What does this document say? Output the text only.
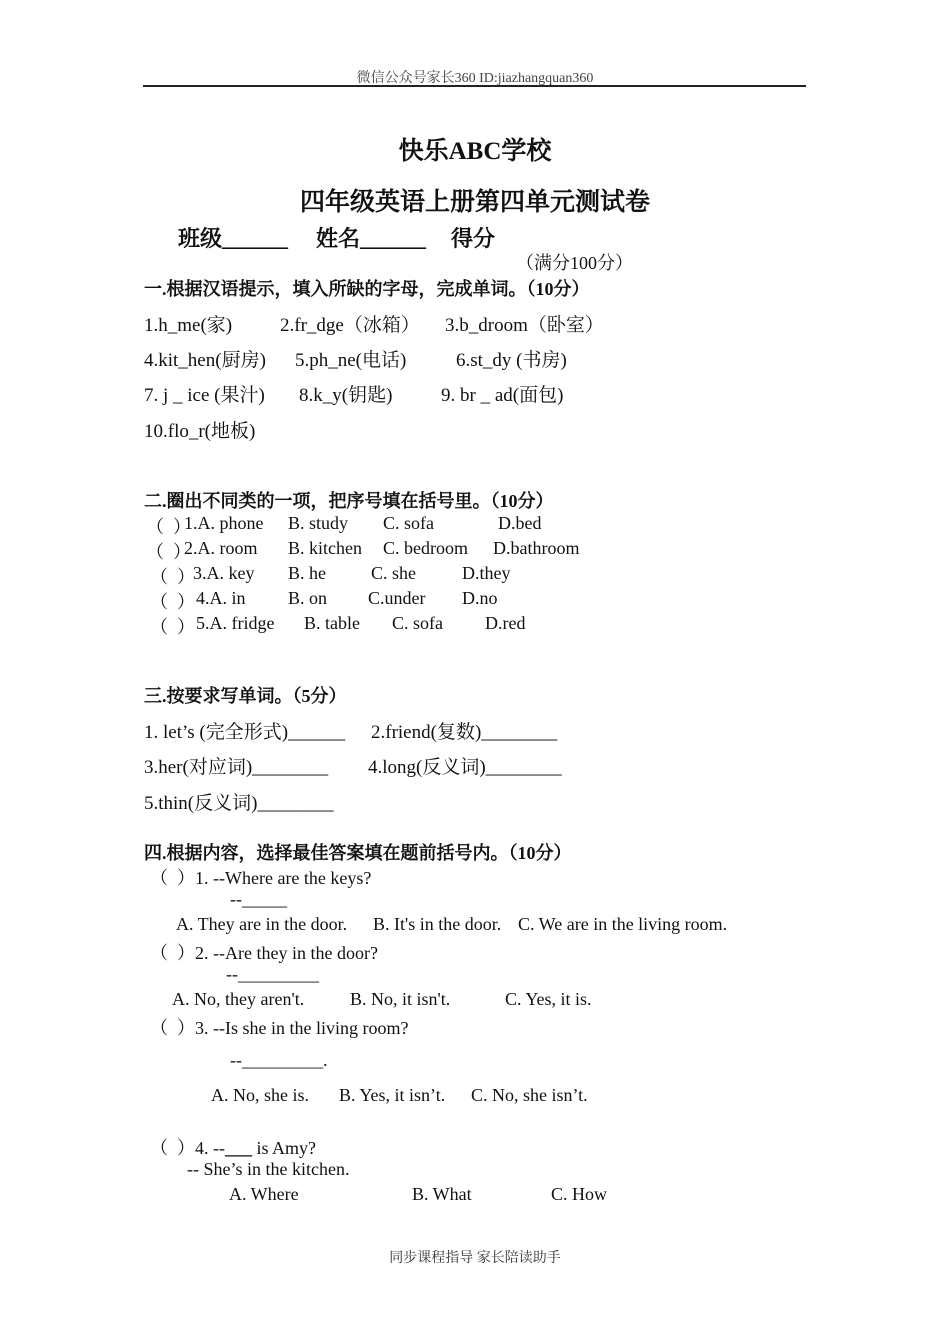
微信公众号家长360 ID:jiazhangquan360
快乐ABC学校
四年级英语上册第四单元测试卷
班级______ 姓名______ 得分
（满分100分）
一.根据汉语提示，填入所缺的字母，完成单词。（10分）
1.h_me(家)	2.fr_dge（冰箱） 3.b_droom（卧室）
4.kit_hen(厨房) 5.ph_ne(电话)	6.st_dy (书房)
7. j _ ice (果汁) 8.k_y(钥匙)	9. br _ ad(面包)
10.flo_r(地板)
二.圈出不同类的一项，把序号填在括号里。（10分）
（  ）
1.A. phone B. study C. sofa	D.bed
（  ）
2.A. room B. kitchen C. bedroom D.bathroom
（  ）
3.A. key B. he	C. she	D.they
（  ） 4.A. in B. on C.under D.no
（  ） 5.A. fridge B. table C. sofa D.red
三.按要求写单词。（5分）
1. let’s (完全形式)______ 2.friend(复数)________
3.her(对应词)________ 4.long(反义词)________
5.thin(反义词)________
四.根据内容，选择最佳答案填在题前括号内。（10分）
（  ）1. --Where are the keys?
--_____
A. They are in the door. B. It's in the door. C. We are in the living room.
（  ）2. --Are they in the door?
--_________
A. No, they aren't.	B. No, it isn't.	C. Yes, it is.
（  ）3. --Is she in the living room?
--_________.
A. No, she is. B. Yes, it isn’t. C. No, she isn’t.
（  ）4. --___ is Amy?
-- She’s in the kitchen.
A. Where	B. What	C. How
同步课程指导 家长陪读助手
